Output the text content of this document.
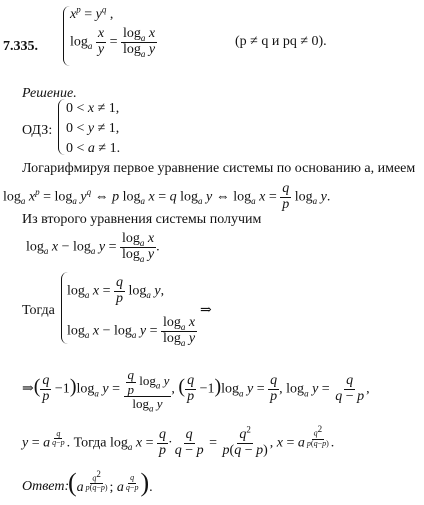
7.335.
$x^p = y^q$ ,
$\log_a \frac{x}{y} = \frac{\log_a x}{\log_a y}$	(p ≠ q и pq ≠ 0).
Решение.
ОДЗ:
0 < x ≠ 1,
0 < y ≠ 1,
0 < a ≠ 1.
Логарифмируя первое уравнение системы по основанию a, имеем
$\log_a x^p = \log_a y^q$ ⇔ p $\log_a x = q$ $\log_a y$ ⇔ $\log_a x = \frac{q}{p} \log_a y$.
Из второго уравнения системы получим
$\log_a x - \log_a y = \frac{\log_a x}{\log_a y}$ .
Тогда
$\log_a x = \frac{q}{p} \log_a y$,
$\log_a x - \log_a y = \frac{\log_a x}{\log_a y}$
⇒
⇒( $\frac{q}{p} -1)\log_a$ $y = \frac{\frac{q}{p} \log_a y}{\log_a y}$ , ( $\frac{q}{p} -1)\log_a$ $y = \frac{q}{p}$ , $\log_a y = \frac{q}{q - p}$ ,
y = a $^{\frac{q}{q-p}}$ . Тогда $\log_a x = \frac{q}{p} \cdot \frac{q}{q - p} = \frac{q^2}{p(q - p)}$ , x = a $^{\frac{q^2}{p(q-p)}}$ .
Ответ:
(a $^{\frac{q^2}{p(q-p)}}$ ; a $^{\frac{q}{q-p}}$ ).
